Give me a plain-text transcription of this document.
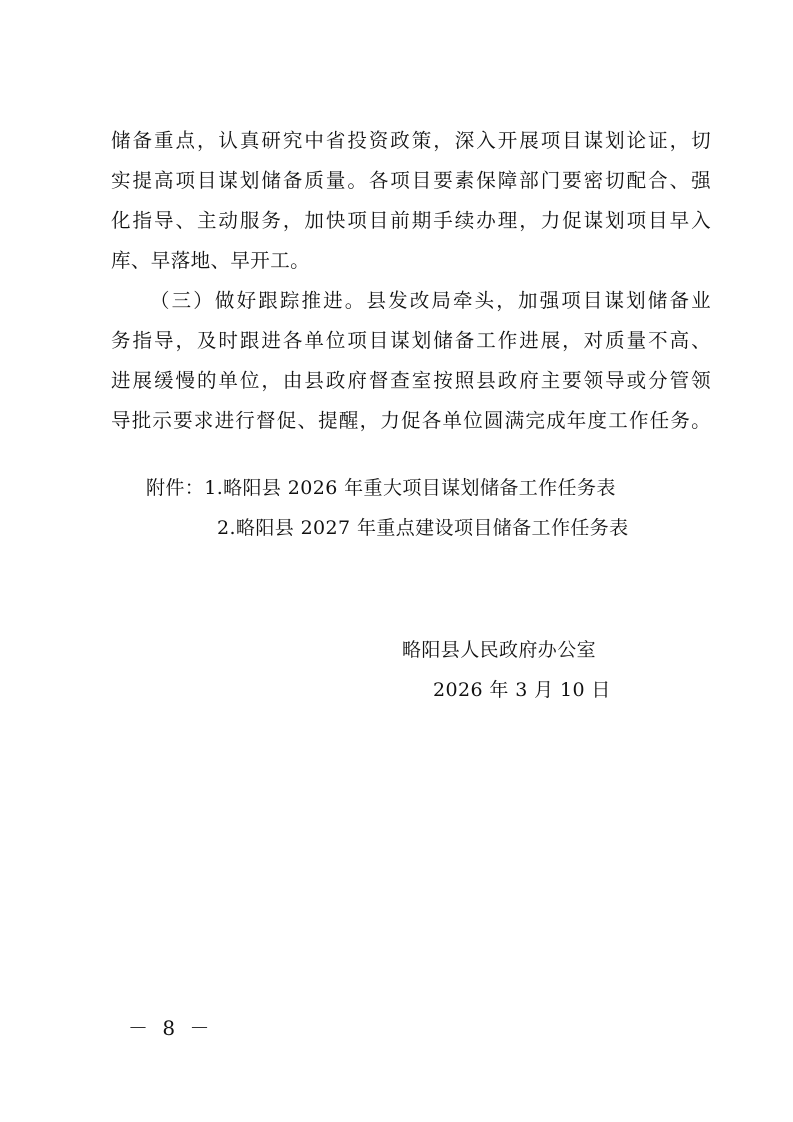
储备重点，认真研究中省投资政策，深入开展项目谋划论证，切
实提高项目谋划储备质量。各项目要素保障部门要密切配合、强
化指导、主动服务，加快项目前期手续办理，力促谋划项目早入
库、早落地、早开工。
（三）做好跟踪推进。县发改局牵头，加强项目谋划储备业
务指导，及时跟进各单位项目谋划储备工作进展，对质量不高、
进展缓慢的单位，由县政府督查室按照县政府主要领导或分管领
导批示要求进行督促、提醒，力促各单位圆满完成年度工作任务。
附件：1.略阳县 2026 年重大项目谋划储备工作任务表
2.略阳县 2027 年重点建设项目储备工作任务表
略阳县人民政府办公室
2026 年 3 月 10 日
－ 8 －
